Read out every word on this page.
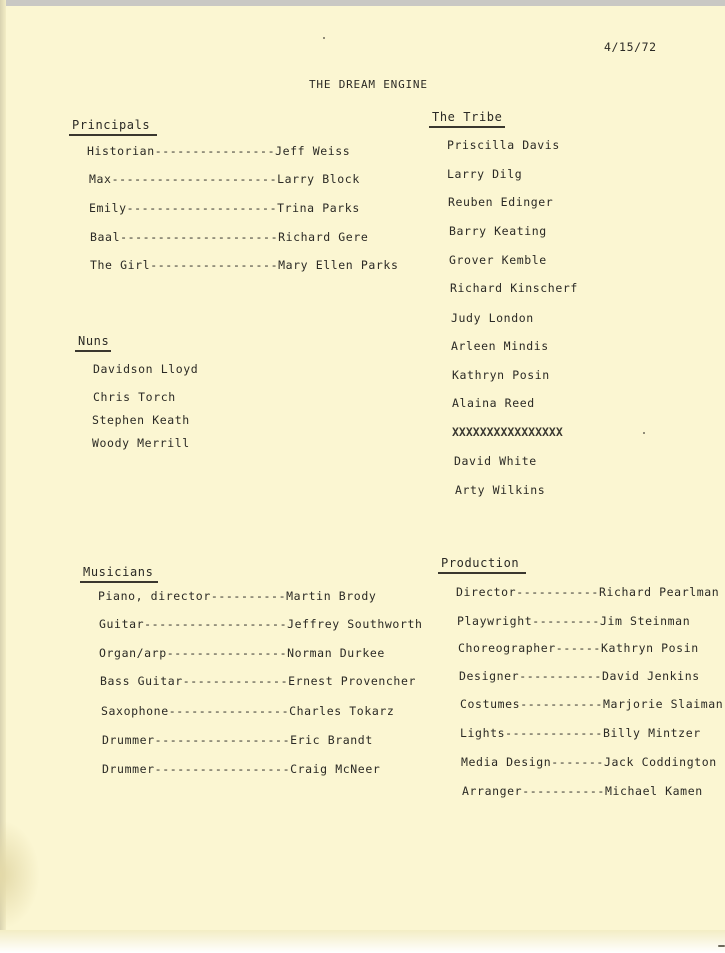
4/15/72
THE DREAM ENGINE
Principals
Historian----------------Jeff Weiss
Max----------------------Larry Block
Emily--------------------Trina Parks
Baal---------------------Richard Gere
The Girl-----------------Mary Ellen Parks
Nuns
Davidson Lloyd
Chris Torch
Stephen Keath
Woody Merrill
The Tribe
Priscilla Davis
Larry Dilg
Reuben Edinger
Barry Keating
Grover Kemble
Richard Kinscherf
Judy London
Arleen Mindis
Kathryn Posin
Alaina Reed
XXXXXXXXXXXXXXXX
David White
Arty Wilkins
Musicians
Piano, director----------Martin Brody
Guitar-------------------Jeffrey Southworth
Organ/arp----------------Norman Durkee
Bass Guitar--------------Ernest Provencher
Saxophone----------------Charles Tokarz
Drummer------------------Eric Brandt
Drummer------------------Craig McNeer
Production
Director-----------Richard Pearlman
Playwright---------Jim Steinman
Choreographer------Kathryn Posin
Designer-----------David Jenkins
Costumes-----------Marjorie Slaiman
Lights-------------Billy Mintzer
Media Design-------Jack Coddington
Arranger-----------Michael Kamen
